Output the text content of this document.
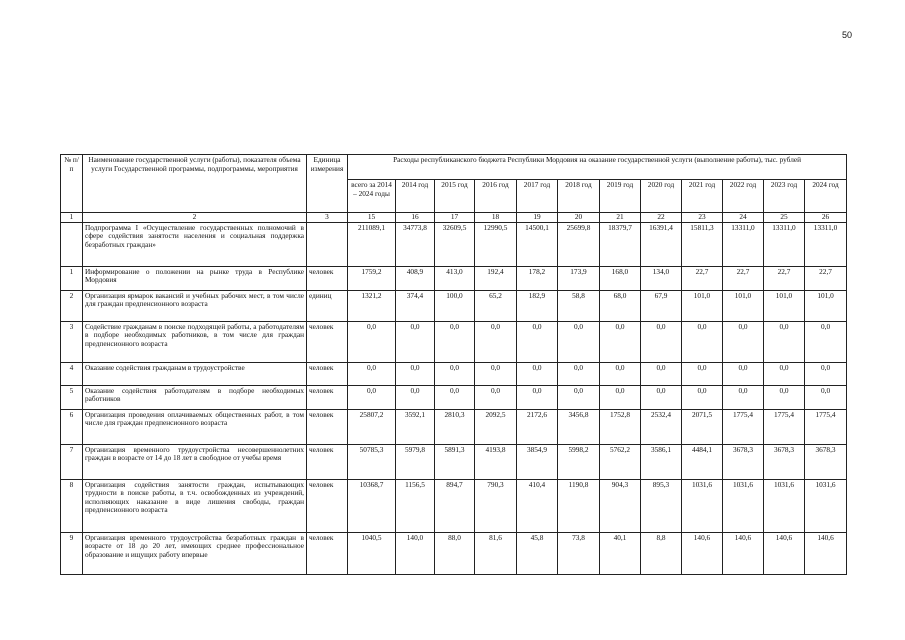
50
№ п/п	Наименование государственной услуги (работы), показателя объема услуги Государственной программы, подпрограммы, мероприятия	Единица измерения	Расходы республиканского бюджета Республики Мордовия на оказание государственной услуги (выполнение работы), тыс. рублей											
			всего за 2014 – 2024 годы	2014 год	2015 год	2016 год	2017 год	2018 год	2019 год	2020 год	2021 год	2022 год	2023 год	2024 год
1	2	3	15	16	17	18	19	20	21	22	23	24	25	26
	Подпрограмма I «Осуществление государственных полномочий в сфере содействия занятости населения и социальная поддержка безработных граждан»		211089,1	34773,8	32609,5	12990,5	14500,1	25699,8	18379,7	16391,4	15811,3	13311,0	13311,0	13311,0
1	Информирование о положении на рынке труда в Республике Мордовия	человек	1759,2	408,9	413,0	192,4	178,2	173,9	168,0	134,0	22,7	22,7	22,7	22,7
2	Организация ярмарок вакансий и учебных рабочих мест, в том числе для граждан предпенсионного возраста	единиц	1321,2	374,4	100,0	65,2	182,9	58,8	68,0	67,9	101,0	101,0	101,0	101,0
3	Содействие гражданам в поиске подходящей работы, а работодателям в подборе необходимых работников, в том числе для граждан предпенсионного возраста	человек	0,0	0,0	0,0	0,0	0,0	0,0	0,0	0,0	0,0	0,0	0,0	0,0
4	Оказание содействия гражданам в трудоустройстве	человек	0,0	0,0	0,0	0,0	0,0	0,0	0,0	0,0	0,0	0,0	0,0	0,0
5	Оказание содействия работодателям в подборе необходимых работников	человек	0,0	0,0	0,0	0,0	0,0	0,0	0,0	0,0	0,0	0,0	0,0	0,0
6	Организация проведения оплачиваемых общественных работ, в том числе для граждан предпенсионного возраста	человек	25807,2	3592,1	2810,3	2092,5	2172,6	3456,8	1752,8	2532,4	2071,5	1775,4	1775,4	1775,4
7	Организация временного трудоустройства несовершеннолетних граждан в возрасте от 14 до 18 лет в свободное от учебы время	человек	50785,3	5979,8	5891,3	4193,8	3854,9	5998,2	5762,2	3586,1	4484,1	3678,3	3678,3	3678,3
8	Организация содействия занятости граждан, испытывающих трудности в поиске работы, в т.ч. освобожденных из учреждений, исполняющих наказание в виде лишения свободы, граждан предпенсионного возраста	человек	10368,7	1156,5	894,7	790,3	410,4	1190,8	904,3	895,3	1031,6	1031,6	1031,6	1031,6
9	Организация временного трудоустройства безработных граждан в возрасте от 18 до 20 лет, имеющих среднее профессиональное образование и ищущих работу впервые	человек	1040,5	140,0	88,0	81,6	45,8	73,8	40,1	8,8	140,6	140,6	140,6	140,6
